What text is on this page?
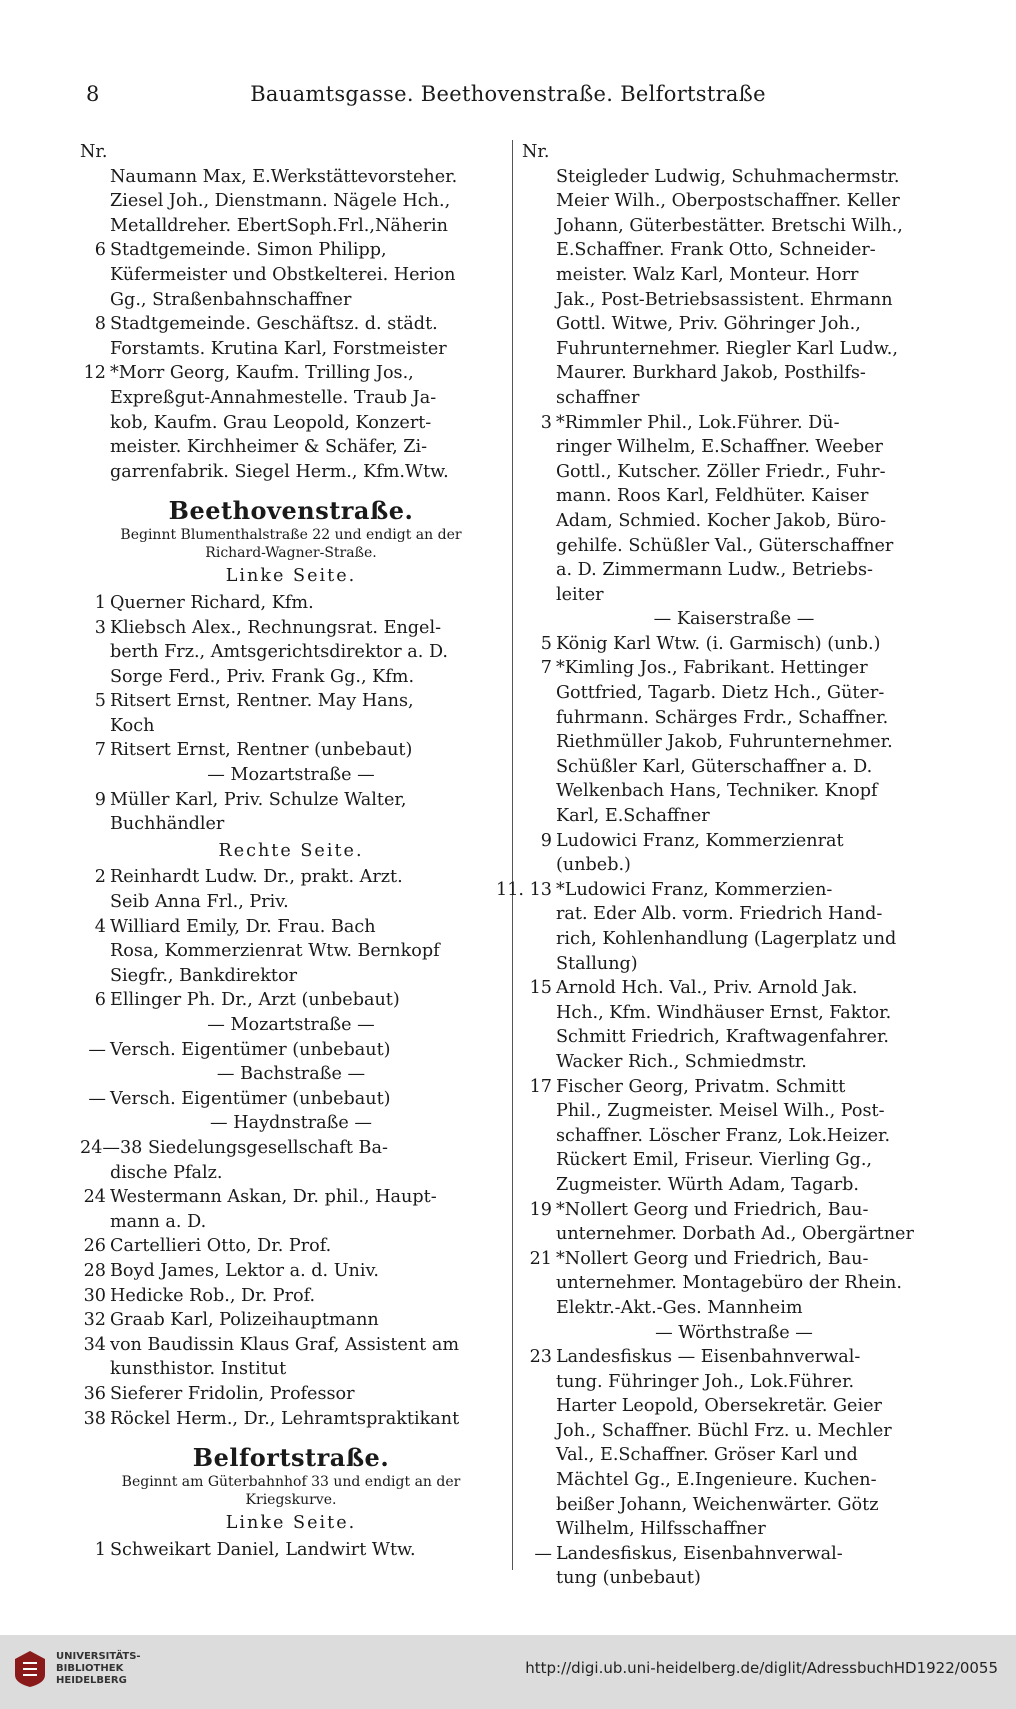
8	Bauamtsgasse. Beethovenstraße. Belfortstraße
Nr.
Naumann Max, E.Werkstättevorsteher.
Ziesel Joh., Dienstmann. Nägele Hch.,
Metalldreher. EbertSoph.Frl.,Näherin
6 Stadtgemeinde. Simon Philipp,
Küfermeister und Obstkelterei. Herion
Gg., Straßenbahnschaffner
8 Stadtgemeinde. Geschäftsz. d. städt.
Forstamts. Krutina Karl, Forstmeister
12 *Morr Georg, Kaufm. Trilling Jos.,
Expreßgut-Annahmestelle. Traub Ja-
kob, Kaufm. Grau Leopold, Konzert-
meister. Kirchheimer & Schäfer, Zi-
garrenfabrik. Siegel Herm., Kfm.Wtw.
Beethovenstraße.
Beginnt Blumenthalstraße 22 und endigt an der Richard-Wagner-Straße.
Linke Seite.
1 Querner Richard, Kfm.
3 Kliebsch Alex., Rechnungsrat. Engel-
berth Frz., Amtsgerichtsdirektor a. D.
Sorge Ferd., Priv. Frank Gg., Kfm.
5 Ritsert Ernst, Rentner. May Hans,
Koch
7 Ritsert Ernst, Rentner (unbebaut)
— Mozartstraße —
9 Müller Karl, Priv. Schulze Walter,
Buchhändler
Rechte Seite.
2 Reinhardt Ludw. Dr., prakt. Arzt.
Seib Anna Frl., Priv.
4 Williard Emily, Dr. Frau. Bach
Rosa, Kommerzienrat Wtw. Bernkopf
Siegfr., Bankdirektor
6 Ellinger Ph. Dr., Arzt (unbebaut)
— Mozartstraße —
— Versch. Eigentümer (unbebaut)
— Bachstraße —
— Versch. Eigentümer (unbebaut)
— Haydnstraße —
24—38 Siedelungsgesellschaft Ba-
dische Pfalz.
24 Westermann Askan, Dr. phil., Haupt-
mann a. D.
26 Cartellieri Otto, Dr. Prof.
28 Boyd James, Lektor a. d. Univ.
30 Hedicke Rob., Dr. Prof.
32 Graab Karl, Polizeihauptmann
34 von Baudissin Klaus Graf, Assistent am
kunsthistor. Institut
36 Sieferer Fridolin, Professor
38 Röckel Herm., Dr., Lehramtspraktikant
Belfortstraße.
Beginnt am Güterbahnhof 33 und endigt an der Kriegskurve.
Linke Seite.
1 Schweikart Daniel, Landwirt Wtw.
Nr.
Steigleder Ludwig, Schuhmachermstr.
Meier Wilh., Oberpostschaffner. Keller
Johann, Güterbestätter. Bretschi Wilh.,
E.Schaffner. Frank Otto, Schneider-
meister. Walz Karl, Monteur. Horr
Jak., Post-Betriebsassistent. Ehrmann
Gottl. Witwe, Priv. Göhringer Joh.,
Fuhrunternehmer. Riegler Karl Ludw.,
Maurer. Burkhard Jakob, Posthilfs-
schaffner
3 *Rimmler Phil., Lok.Führer. Dü-
ringer Wilhelm, E.Schaffner. Weeber
Gottl., Kutscher. Zöller Friedr., Fuhr-
mann. Roos Karl, Feldhüter. Kaiser
Adam, Schmied. Kocher Jakob, Büro-
gehilfe. Schüßler Val., Güterschaffner
a. D. Zimmermann Ludw., Betriebs-
leiter
— Kaiserstraße —
5 König Karl Wtw. (i. Garmisch) (unb.)
7 *Kimling Jos., Fabrikant. Hettinger
Gottfried, Tagarb. Dietz Hch., Güter-
fuhrmann. Schärges Frdr., Schaffner.
Riethmüller Jakob, Fuhrunternehmer.
Schüßler Karl, Güterschaffner a. D.
Welkenbach Hans, Techniker. Knopf
Karl, E.Schaffner
9 Ludowici Franz, Kommerzienrat
(unbeb.)
11. 13 *Ludowici Franz, Kommerzien-
rat. Eder Alb. vorm. Friedrich Hand-
rich, Kohlenhandlung (Lagerplatz und
Stallung)
15 Arnold Hch. Val., Priv. Arnold Jak.
Hch., Kfm. Windhäuser Ernst, Faktor.
Schmitt Friedrich, Kraftwagenfahrer.
Wacker Rich., Schmiedmstr.
17 Fischer Georg, Privatm. Schmitt
Phil., Zugmeister. Meisel Wilh., Post-
schaffner. Löscher Franz, Lok.Heizer.
Rückert Emil, Friseur. Vierling Gg.,
Zugmeister. Würth Adam, Tagarb.
19 *Nollert Georg und Friedrich, Bau-
unternehmer. Dorbath Ad., Obergärtner
21 *Nollert Georg und Friedrich, Bau-
unternehmer. Montagebüro der Rhein.
Elektr.-Akt.-Ges. Mannheim
— Wörthstraße —
23 Landesfiskus — Eisenbahnverwal-
tung. Führinger Joh., Lok.Führer.
Harter Leopold, Obersekretär. Geier
Joh., Schaffner. Büchl Frz. u. Mechler
Val., E.Schaffner. Gröser Karl und
Mächtel Gg., E.Ingenieure. Kuchen-
beißer Johann, Weichenwärter. Götz
Wilhelm, Hilfsschaffner
— Landesfiskus, Eisenbahnverwal-
tung (unbebaut)
UNIVERSITÄTS-
BIBLIOTHEK
HEIDELBERG
http://digi.ub.uni-heidelberg.de/diglit/AdressbuchHD1922/0055
